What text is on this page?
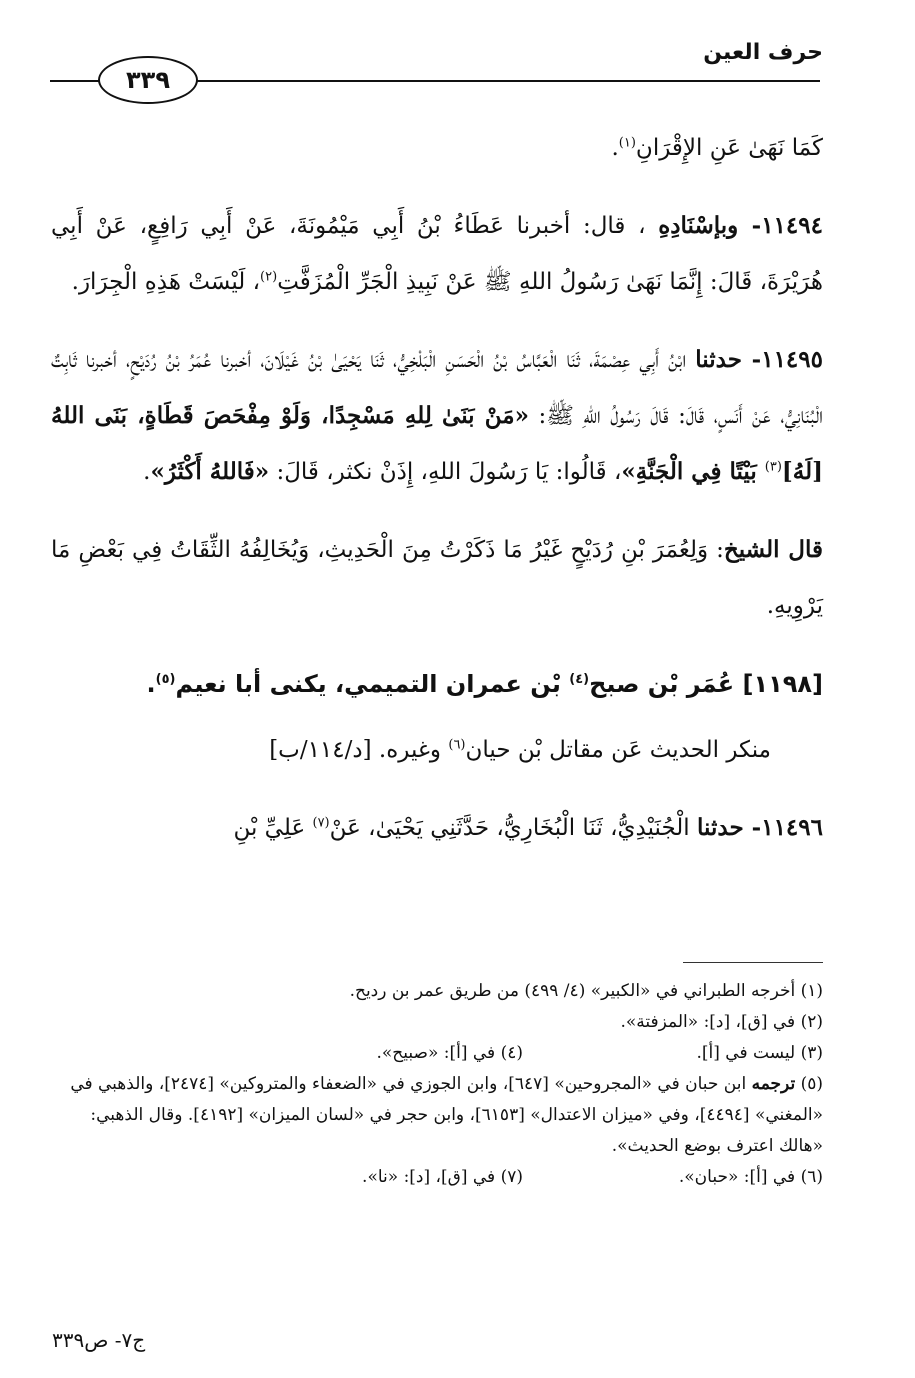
حرف العين
٣٣٩

كَمَا نَهَىٰ عَنِ الإِقْرَانِ$^{(١)}$.

١١٤٩٤- وبإسْنَادِهِ ، قال: أخبرنا عَطَاءُ بْنُ أَبِي مَيْمُونَةَ، عَنْ أَبِي رَافِعٍ، عَنْ أَبِي هُرَيْرَةَ، قَالَ: إِنَّمَا نَهَىٰ رَسُولُ اللهِ ﷺ عَنْ نَبِيذِ الْجَرِّ الْمُزَفَّتِ$^{(٢)}$، لَيْسَتْ هَذِهِ الْجِرَارَ.

١١٤٩٥- حدثنا ابْنُ أَبِي عِصْمَةَ، ثَنَا الْعَبَّاسُ بْنُ الْحَسَنِ الْبَلْخِيُّ، ثَنَا يَحْيَىٰ بْنُ غَيْلَانَ، أخبرنا عُمَرُ بْنُ رُدَيْحٍ، أخبرنا ثَابِتٌ الْبُنَانِيُّ، عَنْ أَنَسٍ، قَالَ: قَالَ رَسُولُ اللهِ ﷺ: «مَنْ بَنَىٰ لِلهِ مَسْجِدًا، وَلَوْ مِفْحَصَ قَطَاةٍ، بَنَى اللهُ [لَهُ]$^{(٣)}$ بَيْتًا فِي الْجَنَّةِ»، قَالُوا: يَا رَسُولَ اللهِ، إِذَنْ نكثر، قَالَ: «فَاللهُ أَكْثَرُ».

قال الشيخ: وَلِعُمَرَ بْنِ رُدَيْحٍ غَيْرُ مَا ذَكَرْتُ مِنَ الْحَدِيثِ، وَيُخَالِفُهُ الثِّقَاتُ فِي بَعْضِ مَا يَرْوِيهِ.

[١١٩٨] عُمَر بْن صبح$^{(٤)}$ بْن عمران التميمي، يكنى أبا نعيم$^{(٥)}$.

منكر الحديث عَن مقاتل بْن حيان$^{(٦)}$ وغيره. [د/١١٤/ب]

١١٤٩٦- حدثنا الْجُنَيْدِيُّ، ثَنَا الْبُخَارِيُّ، حَدَّثَنِي يَحْيَىٰ، عَنْ$^{(٧)}$ عَلِيِّ بْنِ

(١) أخرجه الطبراني في «الكبير» (٤/ ٤٩٩) من طريق عمر بن رديح.
(٢) في [ق]، [د]: «المزفتة».
(٣) ليست في [أ].
(٤) في [أ]: «صبيح».
(٥) ترجمه ابن حبان في «المجروحين» [٦٤٧]، وابن الجوزي في «الضعفاء والمتروكين» [٢٤٧٤]، والذهبي في «المغني» [٤٤٩٤]، وفي «ميزان الاعتدال» [٦١٥٣]، وابن حجر في «لسان الميزان» [٤١٩٢]. وقال الذهبي: «هالك اعترف بوضع الحديث».
(٦) في [أ]: «حبان».
(٧) في [ق]، [د]: «نا».
ج٧- ص٣٣٩
